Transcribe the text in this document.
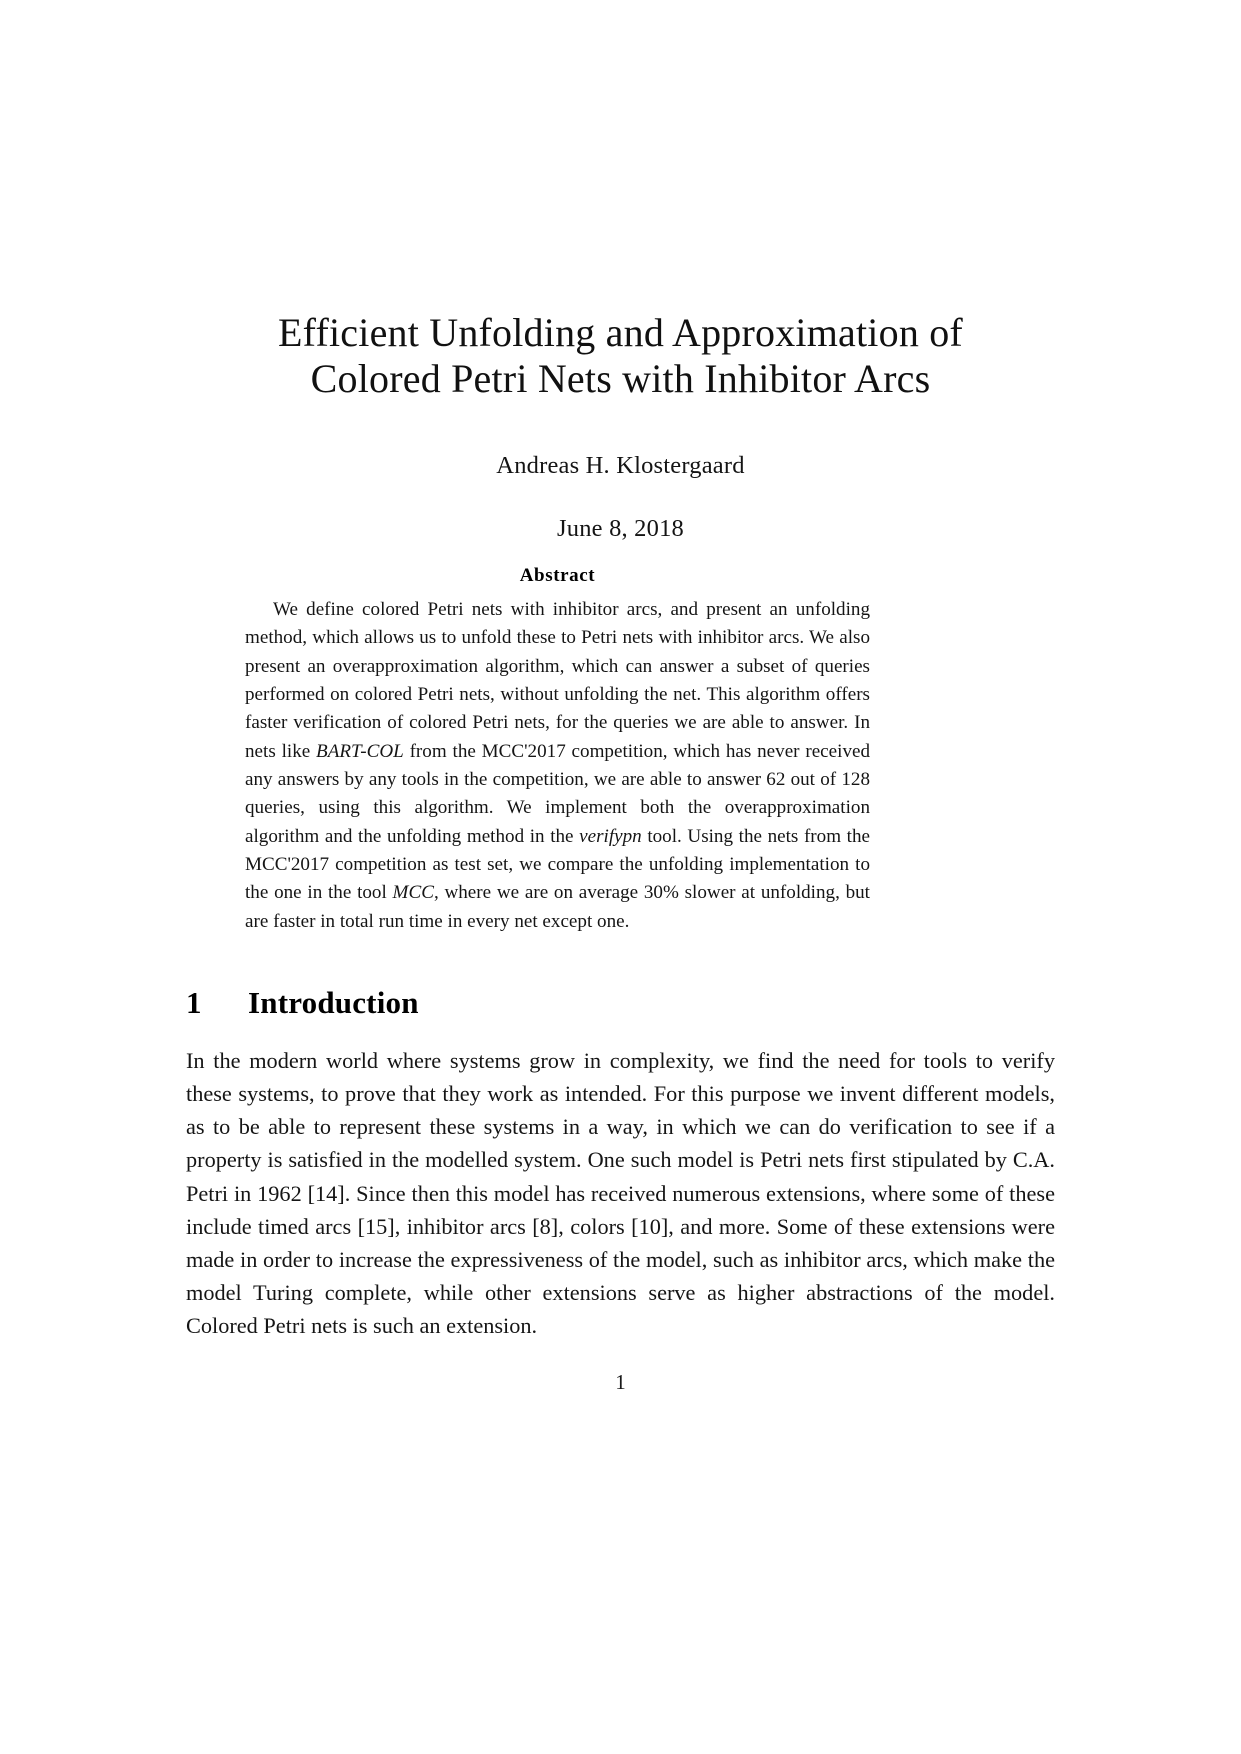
Efficient Unfolding and Approximation of
Colored Petri Nets with Inhibitor Arcs
Andreas H. Klostergaard
June 8, 2018
Abstract

We define colored Petri nets with inhibitor arcs, and present an unfolding method, which allows us to unfold these to Petri nets with inhibitor arcs. We also present an overapproximation algorithm, which can answer a subset of queries performed on colored Petri nets, without unfolding the net. This algorithm offers faster verification of colored Petri nets, for the queries we are able to answer. In nets like BART-COL from the MCC'2017 competition, which has never received any answers by any tools in the competition, we are able to answer 62 out of 128 queries, using this algorithm. We implement both the overapproximation algorithm and the unfolding method in the verifypn tool. Using the nets from the MCC'2017 competition as test set, we compare the unfolding implementation to the one in the tool MCC, where we are on average 30% slower at unfolding, but are faster in total run time in every net except one.

1 Introduction

In the modern world where systems grow in complexity, we find the need for tools to verify these systems, to prove that they work as intended. For this purpose we invent different models, as to be able to represent these systems in a way, in which we can do verification to see if a property is satisfied in the modelled system. One such model is Petri nets first stipulated by C.A. Petri in 1962 [14]. Since then this model has received numerous extensions, where some of these include timed arcs [15], inhibitor arcs [8], colors [10], and more. Some of these extensions were made in order to increase the expressiveness of the model, such as inhibitor arcs, which make the model Turing complete, while other extensions serve as higher abstractions of the model. Colored Petri nets is such an extension.

1
